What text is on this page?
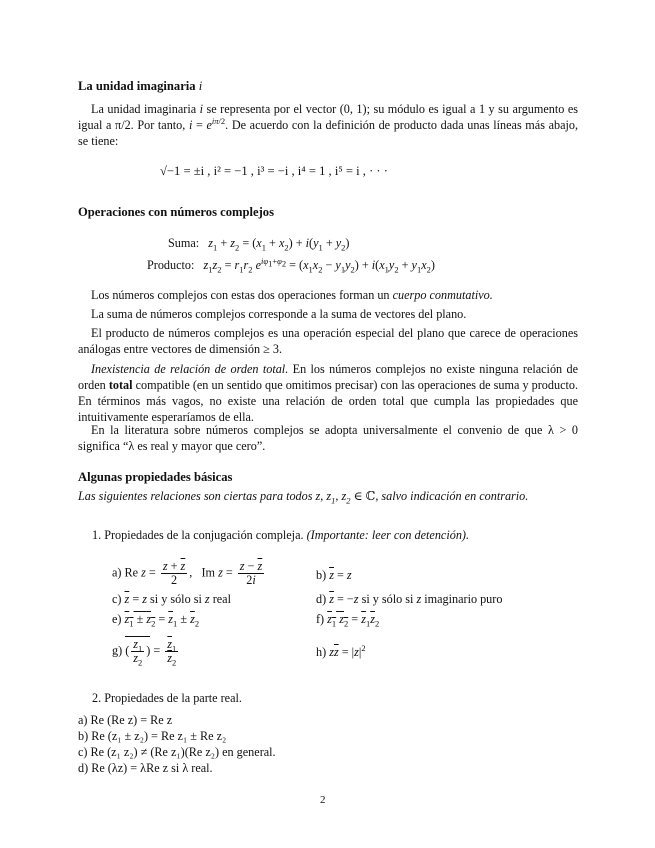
La unidad imaginaria i

La unidad imaginaria i se representa por el vector (0, 1); su módulo es igual a 1 y su argumento es igual a π/2. Por tanto, $i = e^{i\pi/2}$. De acuerdo con la definición de producto dada unas líneas más abajo, se tiene:

√−1 = ±i , i² = −1 , i³ = −i , i⁴ = 1 , i⁵ = i , · · ·
Operaciones con números complejos
Suma: $z_1 + z_2 = (x_1 + x_2) + i(y_1 + y_2)$
Producto: $z_1z_2 = r_1r_2$ $e^{i\varphi_1+\varphi_2} = (x_1x_2 - y_1y_2) + i(x_1y_2 + y_1x_2)$

Los números complejos con estas dos operaciones forman un cuerpo conmutativo.

La suma de números complejos corresponde a la suma de vectores del plano.

El producto de números complejos es una operación especial del plano que carece de operaciones análogas entre vectores de dimensión ≥ 3.

Inexistencia de relación de orden total. En los números complejos no existe ninguna relación de orden total compatible (en un sentido que omitimos precisar) con las operaciones de suma y producto. En términos más vagos, no existe una relación de orden total que cumpla las propiedades que intuitivamente esperaríamos de ella.

En la literatura sobre números complejos se adopta universalmente el convenio de que λ > 0 significa “λ es real y mayor que cero”.

Algunas propiedades básicas

Las siguientes relaciones son ciertas para todos z, $z_1$, $z_2$ ∈ ℂ, salvo indicación en contrario.

1. Propiedades de la conjugación compleja. (Importante: leer con detención).
a) Re $z = \frac{z + \overline{z}}{2}$ ,   Im $z = \frac{z - \overline{z}}{2i}$	b) z = z
c) $\overline{z} = z$ si y sólo si z real	d) $\overline{z} = -z$ si y sólo si z imaginario puro
e) $z_1 \pm z_2 = \overline{z}_1 \pm \overline{z}_2$	f) $z_1$ $z_2 = \overline{z}_1\overline{z}_2$
g) ( $\frac{z_1}{z_2}$ ) = $\frac{\overline{z}_1}{\overline{z}_2}$	h) $z\overline{z} = |z|^2$
2. Propiedades de la parte real.
a) Re (Re z) = Re z
b) Re (z₁ ± z₂) = Re z₁ ± Re z₂
c) Re (z₁ z₂) ≠ (Re z₁)(Re z₂) en general.
d) Re (λz) = λRe z si λ real.
2
